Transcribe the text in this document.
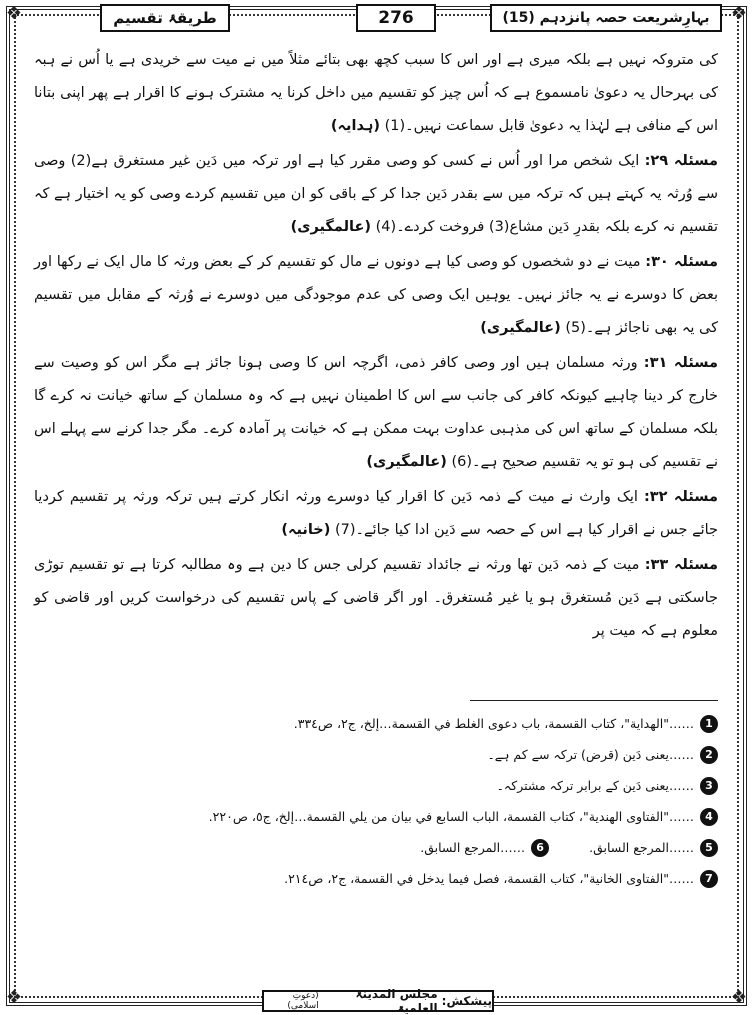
❖	❖
❖	❖
طریقۂ تقسیم	276	بہارِشریعت حصہ پانزدہم (15)

کی متروکہ نہیں ہے بلکہ میری ہے اور اس کا سبب کچھ بھی بتائے مثلاً میں نے میت سے خریدی ہے یا اُس نے ہبہ کی بہرحال یہ دعویٰ نامسموع ہے کہ اُس چیز کو تقسیم میں داخل کرنا یہ مشترک ہونے کا اقرار ہے پھر اپنی بتانا اس کے منافی ہے لہٰذا یہ دعویٰ قابل سماعت نہیں۔(1) (ہدایہ)

مسئلہ ۲۹: ایک شخص مرا اور اُس نے کسی کو وصی مقرر کیا ہے اور ترکہ میں دَین غیر مستغرق ہے(2) وصی سے وُرثہ یہ کہتے ہیں کہ ترکہ میں سے بقدر دَین جدا کر کے باقی کو ان میں تقسیم کردے وصی کو یہ اختیار ہے کہ تقسیم نہ کرے بلکہ بقدرِ دَین مشاع(3) فروخت کردے۔(4) (عالمگیری)

مسئلہ ۳۰: میت نے دو شخصوں کو وصی کیا ہے دونوں نے مال کو تقسیم کر کے بعض ورثہ کا مال ایک نے رکھا اور بعض کا دوسرے نے یہ جائز نہیں۔ یوہیں ایک وصی کی عدم موجودگی میں دوسرے نے وُرثہ کے مقابل میں تقسیم کی یہ بھی ناجائز ہے۔(5) (عالمگیری)

مسئلہ ۳۱: ورثہ مسلمان ہیں اور وصی کافر ذمی، اگرچہ اس کا وصی ہونا جائز ہے مگر اس کو وصیت سے خارج کر دینا چاہیے کیونکہ کافر کی جانب سے اس کا اطمینان نہیں ہے کہ وہ مسلمان کے ساتھ خیانت نہ کرے گا بلکہ مسلمان کے ساتھ اس کی مذہبی عداوت بہت ممکن ہے کہ خیانت پر آمادہ کرے۔ مگر جدا کرنے سے پہلے اس نے تقسیم کی ہو تو یہ تقسیم صحیح ہے۔(6) (عالمگیری)

مسئلہ ۳۲: ایک وارث نے میت کے ذمہ دَین کا اقرار کیا دوسرے ورثہ انکار کرتے ہیں ترکہ ورثہ پر تقسیم کردیا جائے جس نے اقرار کیا ہے اس کے حصہ سے دَین ادا کیا جائے۔(7) (خانیہ)

مسئلہ ۳۳: میت کے ذمہ دَین تھا ورثہ نے جائداد تقسیم کرلی جس کا دین ہے وہ مطالبہ کرتا ہے تو تقسیم توڑی جاسکتی ہے دَین مُستغرق ہو یا غیر مُستغرق۔ اور اگر قاضی کے پاس تقسیم کی درخواست کریں اور قاضی کو معلوم ہے کہ میت پر

1
……"الهداية"، كتاب القسمة، باب دعوى الغلط في القسمة…إلخ، ج٢، ص٣٣٤.
2
……یعنی دَین (قرض) ترکہ سے کم ہے۔
3
……یعنی دَین کے برابر ترکہ مشترکہ۔
4
……"الفتاوى الهندية"، كتاب القسمة، الباب السابع في بيان من يلي القسمة…إلخ، ج٥، ص٢٢٠.
5
……المرجع السابق.
6
……المرجع السابق.
7
……"الفتاوى الخانية"، كتاب القسمة، فصل فيما يدخل في القسمة، ج٢، ص٢١٤.
پیشکش:
مجلس المدینۃ العلمیۃ
(دعوتِ اسلامی)
